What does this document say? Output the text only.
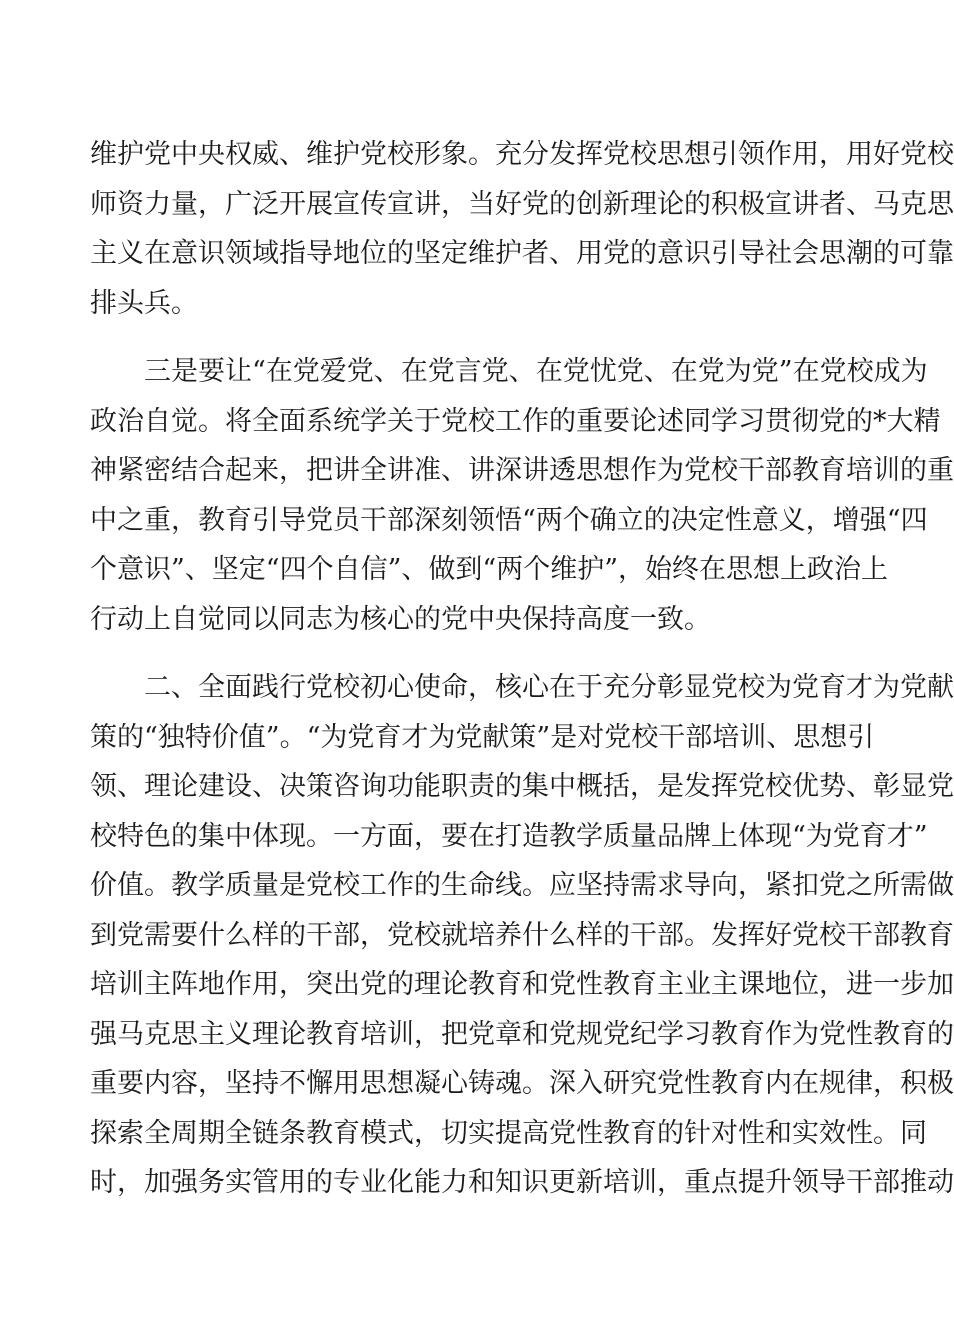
维护党中央权威、维护党校形象。充分发挥党校思想引领作用，用好党校
师资力量，广泛开展宣传宣讲，当好党的创新理论的积极宣讲者、马克思
主义在意识领域指导地位的坚定维护者、用党的意识引导社会思潮的可靠
排头兵。
三是要让“在党爱党、在党言党、在党忧党、在党为党”在党校成为
政治自觉。将全面系统学关于党校工作的重要论述同学习贯彻党的*大精
神紧密结合起来，把讲全讲准、讲深讲透思想作为党校干部教育培训的重
中之重，教育引导党员干部深刻领悟“两个确立的决定性意义，增强“四
个意识”、坚定“四个自信”、做到“两个维护”，始终在思想上政治上
行动上自觉同以同志为核心的党中央保持高度一致。
二、全面践行党校初心使命，核心在于充分彰显党校为党育才为党献
策的“独特价值”。“为党育才为党献策”是对党校干部培训、思想引
领、理论建设、决策咨询功能职责的集中概括，是发挥党校优势、彰显党
校特色的集中体现。一方面，要在打造教学质量品牌上体现“为党育才”
价值。教学质量是党校工作的生命线。应坚持需求导向，紧扣党之所需做
到党需要什么样的干部，党校就培养什么样的干部。发挥好党校干部教育
培训主阵地作用，突出党的理论教育和党性教育主业主课地位，进一步加
强马克思主义理论教育培训，把党章和党规党纪学习教育作为党性教育的
重要内容，坚持不懈用思想凝心铸魂。深入研究党性教育内在规律，积极
探索全周期全链条教育模式，切实提高党性教育的针对性和实效性。同
时，加强务实管用的专业化能力和知识更新培训，重点提升领导干部推动
